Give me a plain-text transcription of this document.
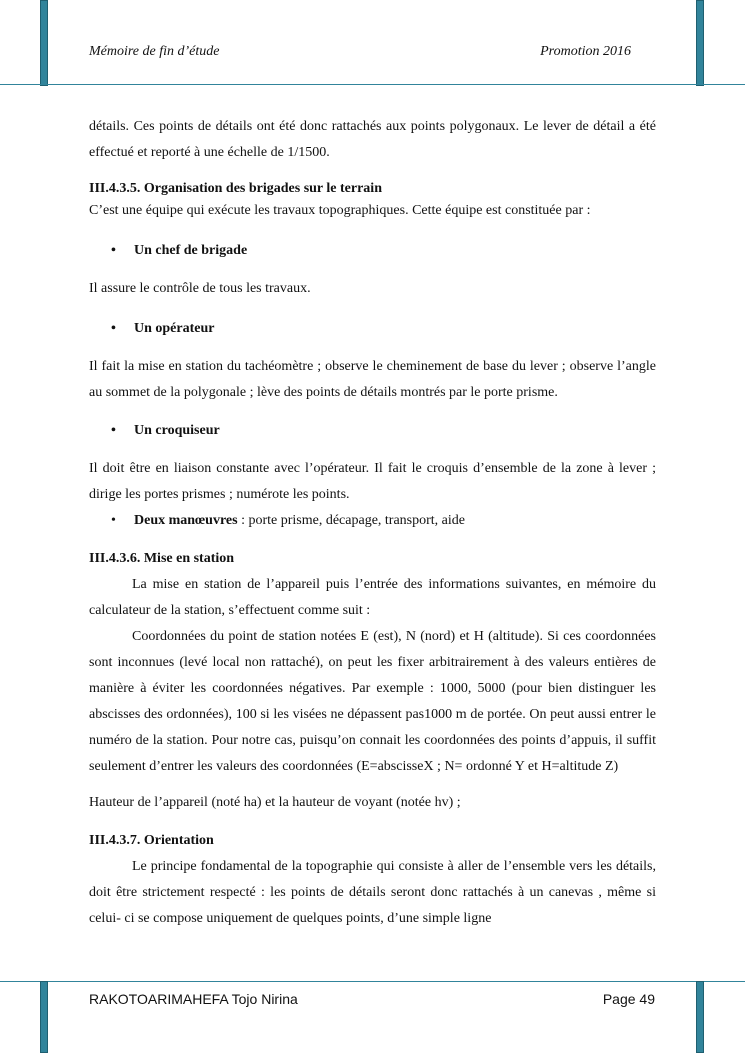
Mémoire de fin d’étude	Promotion 2016

détails. Ces points de détails ont été donc rattachés aux points polygonaux. Le lever de détail a été effectué et reporté à une échelle de 1/1500.

III.4.3.5. Organisation des brigades sur le terrain

C’est une équipe qui exécute les travaux topographiques. Cette équipe est constituée par :

• Un chef de brigade

Il assure le contrôle de tous les travaux.

• Un opérateur

Il fait la mise en station du tachéomètre ; observe le cheminement de base du lever ; observe l’angle au sommet de la polygonale ; lève des points de détails montrés par le porte prisme.

• Un croquiseur

Il doit être en liaison constante avec l’opérateur. Il fait le croquis d’ensemble de la zone à lever ; dirige les portes prismes ; numérote les points.

• Deux manœuvres : porte prisme, décapage, transport, aide

III.4.3.6. Mise en station

La mise en station de l’appareil puis l’entrée des informations suivantes, en mémoire du calculateur de la station, s’effectuent comme suit :

Coordonnées du point de station notées E (est), N (nord) et H (altitude). Si ces coordonnées sont inconnues (levé local non rattaché), on peut les fixer arbitrairement à des valeurs entières de manière à éviter les coordonnées négatives. Par exemple : 1000, 5000 (pour bien distinguer les abscisses des ordonnées), 100 si les visées ne dépassent pas1000 m de portée. On peut aussi entrer le numéro de la station. Pour notre cas, puisqu’on connait les coordonnées des points d’appuis, il suffit seulement d’entrer les valeurs des coordonnées (E=abscisseX ; N= ordonné Y et H=altitude Z)

Hauteur de l’appareil (noté ha) et la hauteur de voyant (notée hv) ;

III.4.3.7. Orientation

Le principe fondamental de la topographie qui consiste à aller de l’ensemble vers les détails, doit être strictement respecté : les points de détails seront donc rattachés à un canevas , même si celui- ci se compose uniquement de quelques points, d’une simple ligne

RAKOTOARIMAHEFA Tojo Nirina	Page 49
